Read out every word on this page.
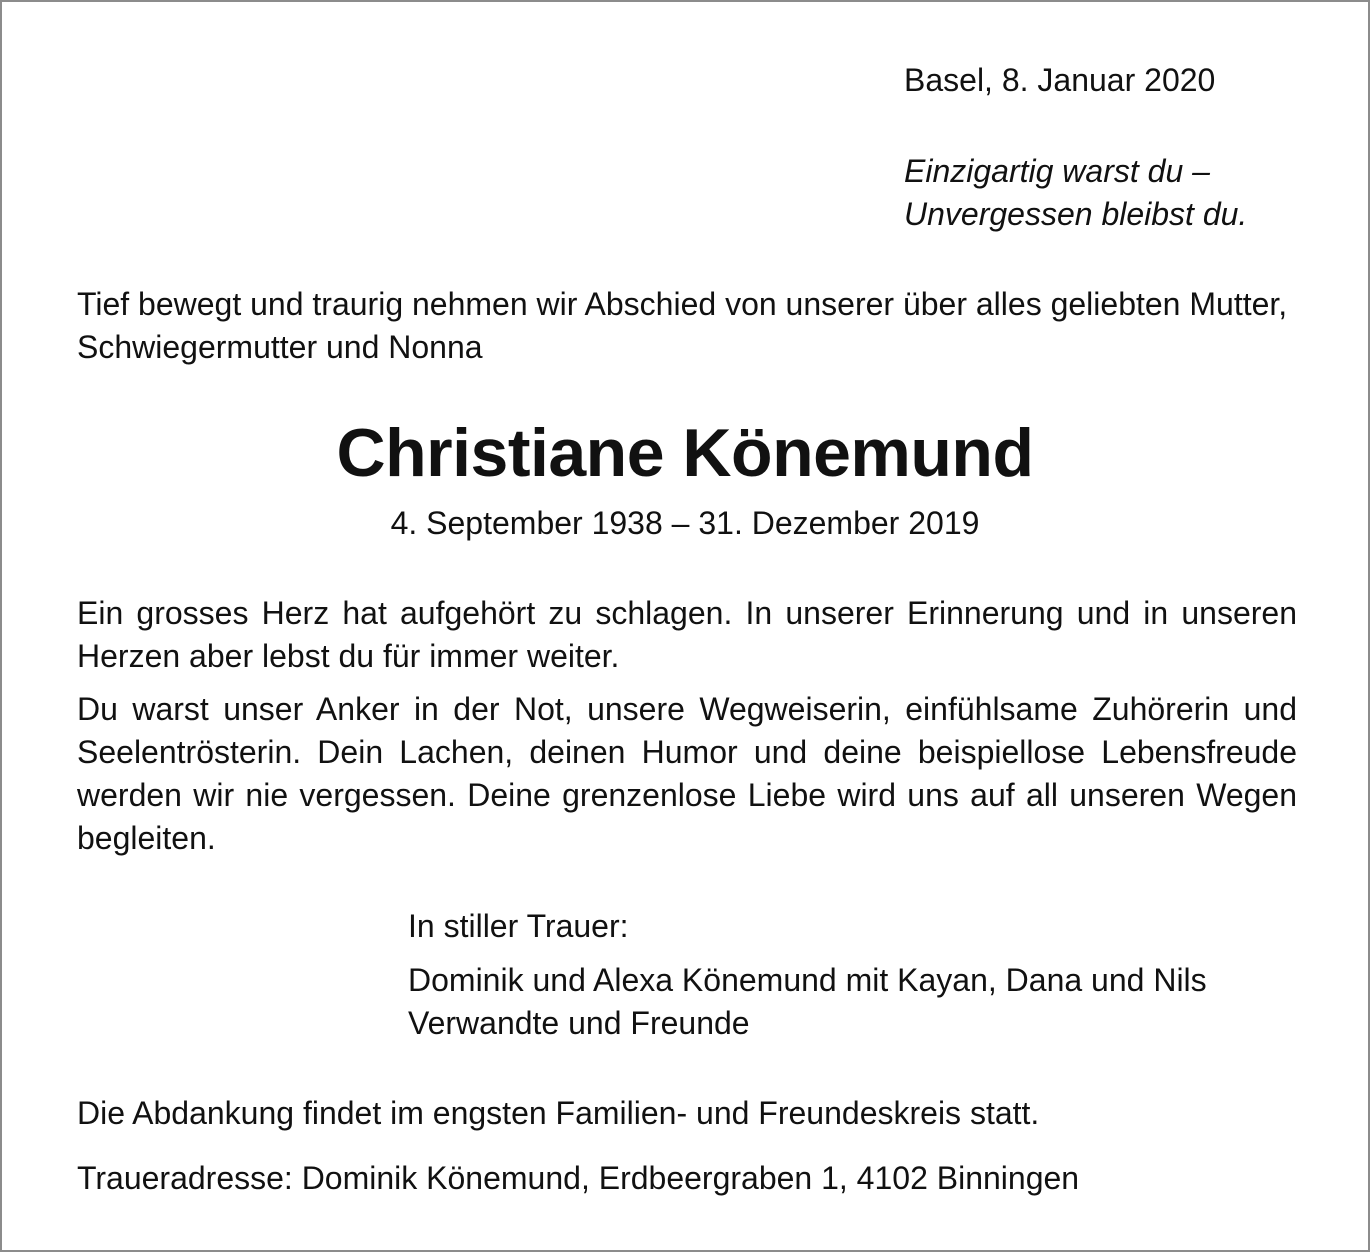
Basel, 8. Januar 2020
Einzigartig warst du –
Unvergessen bleibst du.
Tief bewegt und traurig nehmen wir Abschied von unserer über alles geliebten Mutter, Schwiegermutter und Nonna
Christiane Könemund
4. September 1938 – 31. Dezember 2019
Ein grosses Herz hat aufgehört zu schlagen. In unserer Erinnerung und in unseren Herzen aber lebst du für immer weiter.
Du warst unser Anker in der Not, unsere Wegweiserin, einfühlsame Zuhörerin und Seelentrösterin. Dein Lachen, deinen Humor und deine beispiellose Lebensfreude werden wir nie vergessen. Deine grenzenlose Liebe wird uns auf all unseren Wegen begleiten.
In stiller Trauer:
Dominik und Alexa Könemund mit Kayan, Dana und Nils
Verwandte und Freunde
Die Abdankung findet im engsten Familien- und Freundeskreis statt.
Traueradresse: Dominik Könemund, Erdbeergraben 1, 4102 Binningen
